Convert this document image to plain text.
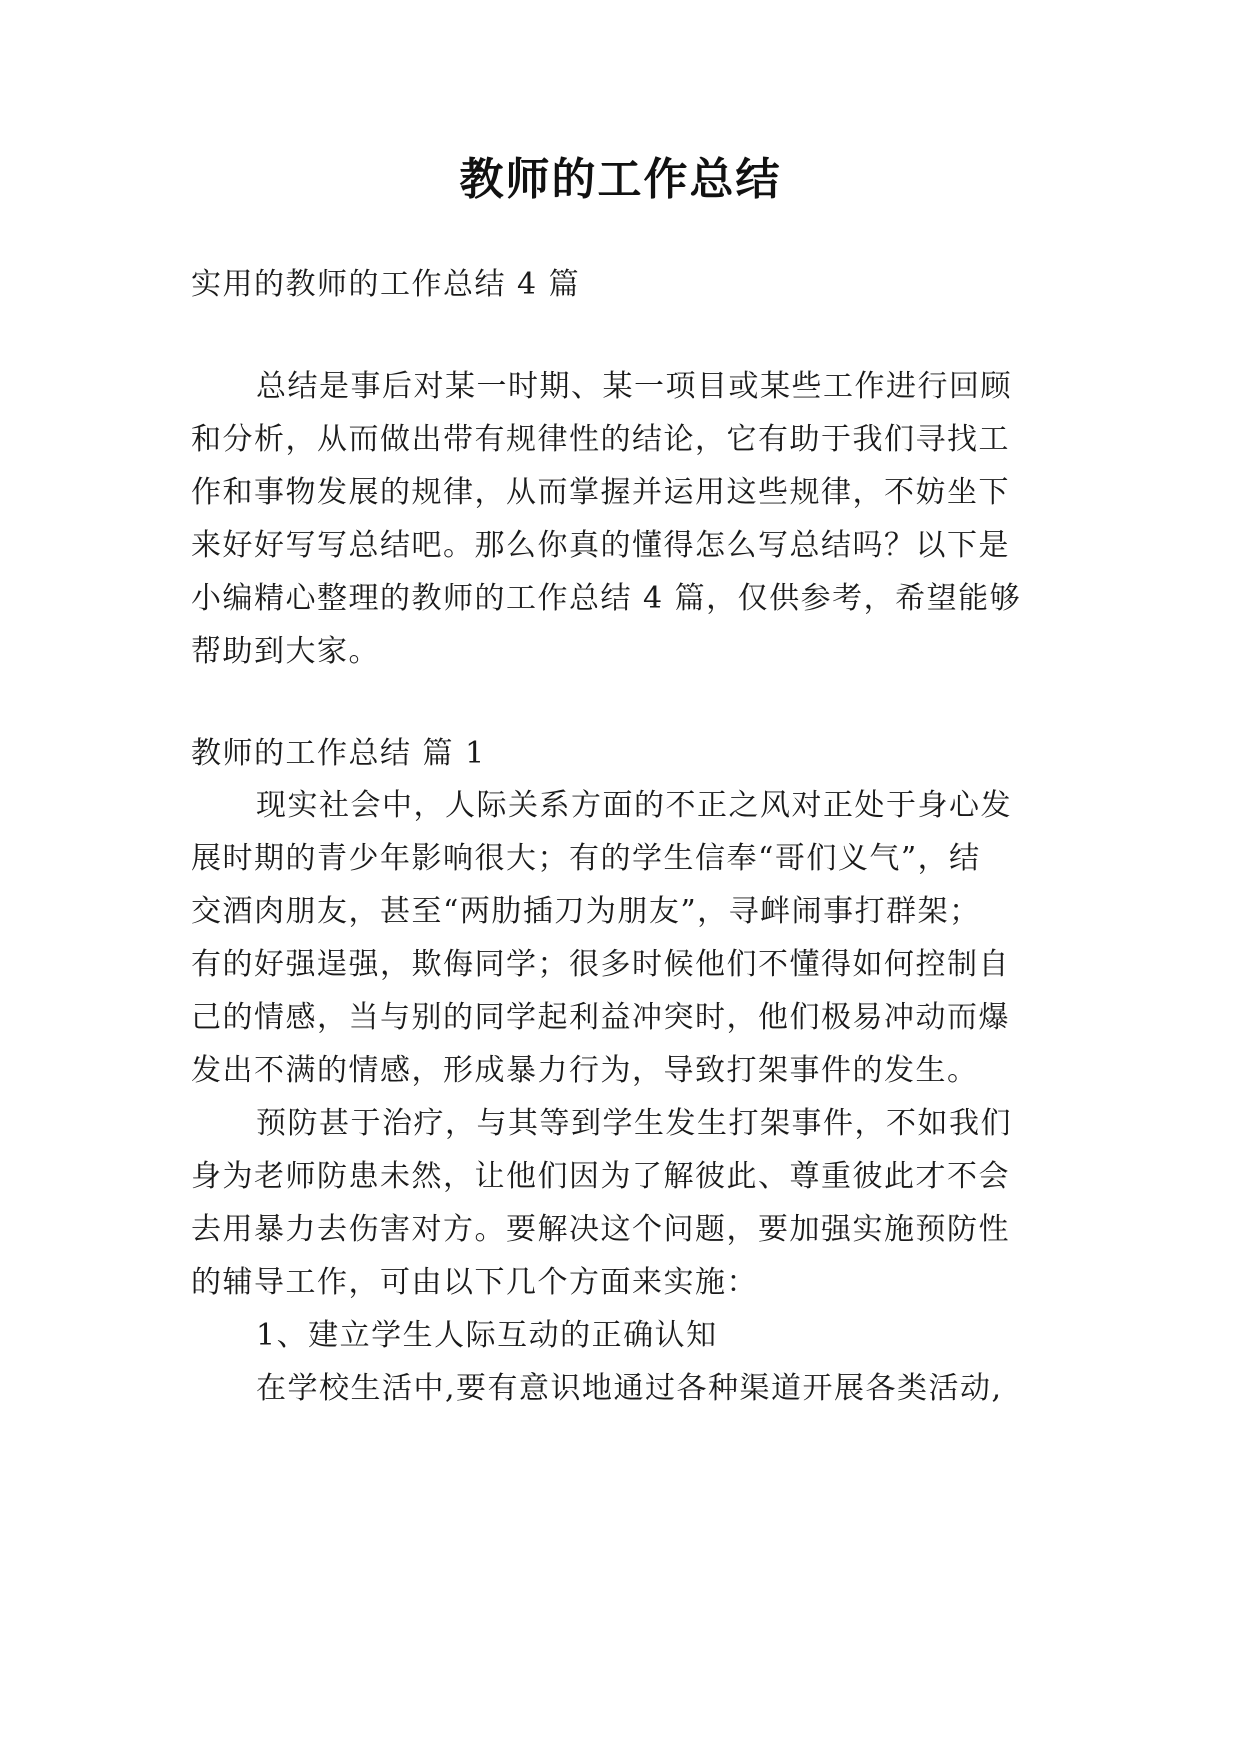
教师的工作总结
实用的教师的工作总结 4 篇
总结是事后对某一时期、某一项目或某些工作进行回顾
和分析，从而做出带有规律性的结论，它有助于我们寻找工
作和事物发展的规律，从而掌握并运用这些规律，不妨坐下
来好好写写总结吧。那么你真的懂得怎么写总结吗？以下是
小编精心整理的教师的工作总结 4 篇，仅供参考，希望能够
帮助到大家。
教师的工作总结 篇 1
现实社会中，人际关系方面的不正之风对正处于身心发
展时期的青少年影响很大；有的学生信奉“哥们义气”，结
交酒肉朋友，甚至“两肋插刀为朋友”，寻衅闹事打群架；
有的好强逞强，欺侮同学；很多时候他们不懂得如何控制自
己的情感，当与别的同学起利益冲突时，他们极易冲动而爆
发出不满的情感，形成暴力行为，导致打架事件的发生。
预防甚于治疗，与其等到学生发生打架事件，不如我们
身为老师防患未然，让他们因为了解彼此、尊重彼此才不会
去用暴力去伤害对方。要解决这个问题，要加强实施预防性
的辅导工作，可由以下几个方面来实施：
1、建立学生人际互动的正确认知
在学校生活中,要有意识地通过各种渠道开展各类活动,
